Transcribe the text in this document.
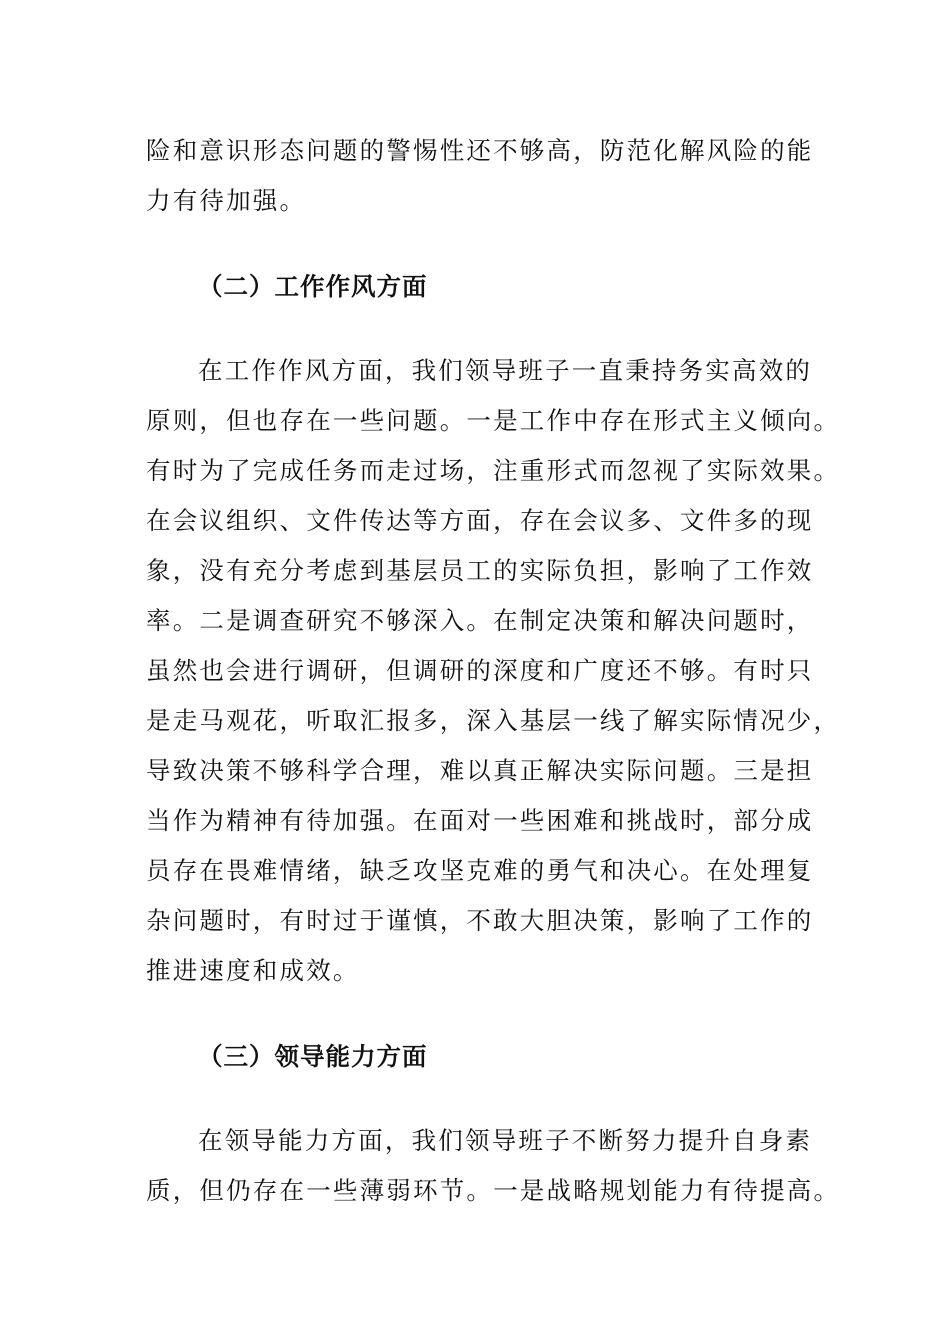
险和意识形态问题的警惕性还不够高，防范化解风险的能
力有待加强。
（二）工作作风方面
在工作作风方面，我们领导班子一直秉持务实高效的
原则，但也存在一些问题。一是工作中存在形式主义倾向。
有时为了完成任务而走过场，注重形式而忽视了实际效果。
在会议组织、文件传达等方面，存在会议多、文件多的现
象，没有充分考虑到基层员工的实际负担，影响了工作效
率。二是调查研究不够深入。在制定决策和解决问题时，
虽然也会进行调研，但调研的深度和广度还不够。有时只
是走马观花，听取汇报多，深入基层一线了解实际情况少，
导致决策不够科学合理，难以真正解决实际问题。三是担
当作为精神有待加强。在面对一些困难和挑战时，部分成
员存在畏难情绪，缺乏攻坚克难的勇气和决心。在处理复
杂问题时，有时过于谨慎，不敢大胆决策，影响了工作的
推进速度和成效。
（三）领导能力方面
在领导能力方面，我们领导班子不断努力提升自身素
质，但仍存在一些薄弱环节。一是战略规划能力有待提高。
